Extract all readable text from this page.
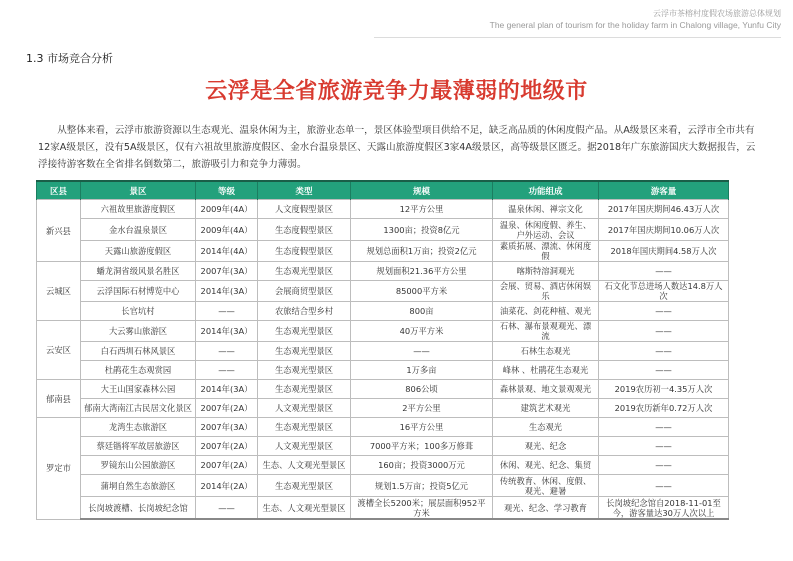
云浮市茶榕村度假农场旅游总体规划
The general plan of tourism for the holiday farm in Chalong village, Yunfu City
1.3 市场竞合分析
云浮是全省旅游竞争力最薄弱的地级市

从整体来看，云浮市旅游资源以生态观光、温泉休闲为主，旅游业态单一，景区体验型项目供给不足，缺乏高品质的休闲度假产品。从A级景区来看，云浮市全市共有12家A级景区，没有5A级景区，仅有六祖故里旅游度假区、金水台温泉景区、天露山旅游度假区3家4A级景区，高等级景区匮乏。据2018年广东旅游国庆大数据报告，云浮接待游客数在全省排名倒数第二，旅游吸引力和竞争力薄弱。

区县	景区	等级	类型	规模	功能组成	游客量
新兴县	六祖故里旅游度假区	2009年(4A）	人文度假型景区	12平方公里	温泉休闲、禅宗文化	2017年国庆期间46.43万人次
	金水台温泉景区	2009年(4A）	生态度假型景区	1300亩；投资8亿元	温泉、休闲度假、养生、户外运动、会议	2017年国庆期间10.06万人次
	天露山旅游度假区	2014年(4A）	生态度假型景区	规划总面积1万亩；投资2亿元	素质拓展、漂流、休闲度假	2018年国庆期间4.58万人次
云城区	蟠龙洞省级风景名胜区	2007年(3A）	生态观光型景区	规划面积21.36平方公里	喀斯特溶洞观光	——
	云浮国际石材博览中心	2014年(3A）	会展商贸型景区	85000平方米	会展、贸易、酒店休闲娱乐	石文化节总进场人数达14.8万人次
	长官坑村	——	农旅结合型乡村	800亩	油菜花、剑花种植、观光	——
云安区	大云雾山旅游区	2014年(3A）	生态观光型景区	40万平方米	石林、瀑布景观观光、漂流	——
	白石西圳石林风景区	——	生态观光型景区	——	石林生态观光	——
	杜鹃花生态观赏园	——	生态观光型景区	1万多亩	峰林 、杜鹃花生态观光	——
郁南县	大王山国家森林公园	2014年(3A）	生态观光型景区	806公顷	森林景观、地文景观观光	2019农历初一4.35万人次
	郁南大湾南江古民居文化景区	2007年(2A）	人文观光型景区	2平方公里	建筑艺术观光	2019农历新年0.72万人次
罗定市	龙湾生态旅游区	2007年(3A）	生态观光型景区	16平方公里	生态观光	——
	蔡廷锴将军故居旅游区	2007年(2A）	人文观光型景区	7000平方米；100多万修葺	观光、纪念	——
	罗镜东山公园旅游区	2007年(2A）	生态、人文观光型景区	160亩；投资3000万元	休闲、观光、纪念、集贸	——
	蒲垌自然生态旅游区	2014年(2A）	生态观光型景区	规划1.5万亩；投资5亿元	传统教育、休闲、度假、观光、避暑	——
	长岗坡渡槽、长岗坡纪念馆	——	生态、人文观光型景区	渡槽全长5200米；展层面积952平方米	观光、纪念、学习教育	长岗坡纪念馆自2018-11-01至今，游客量达30万人次以上
